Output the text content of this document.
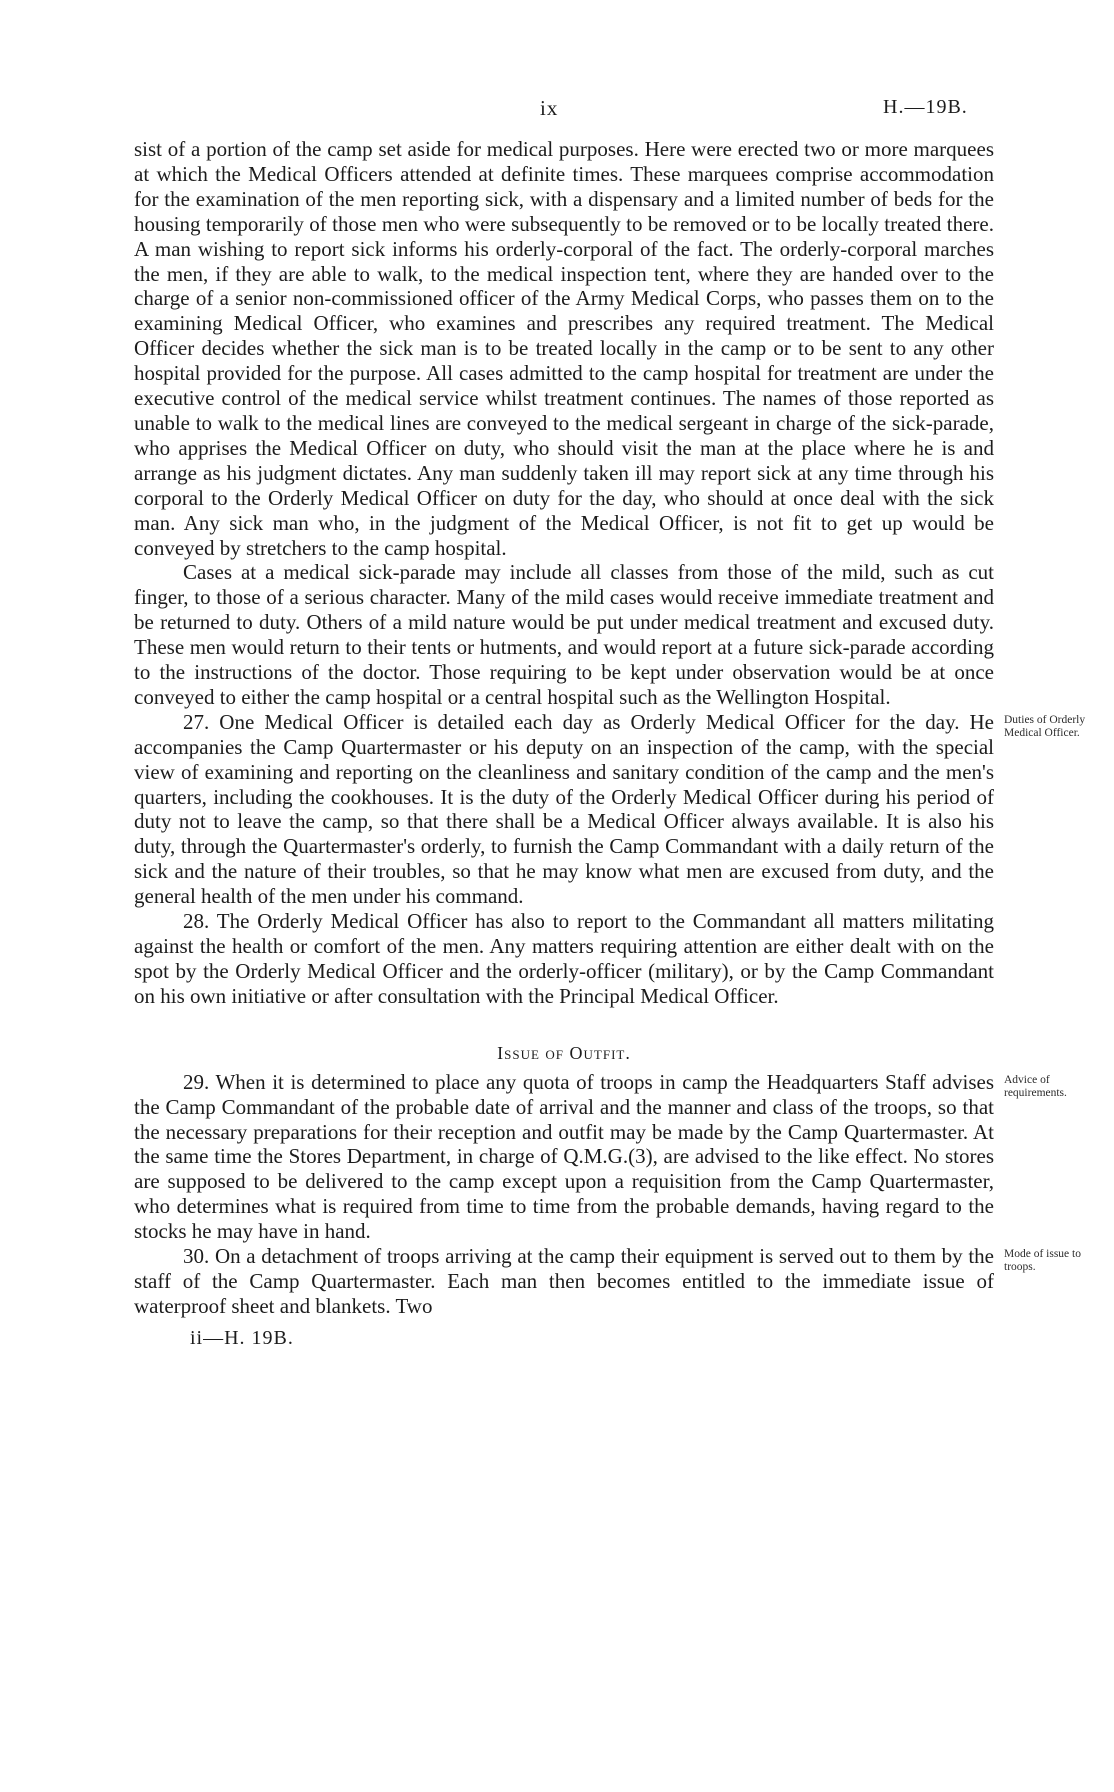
ix	H.—19B.

sist of a portion of the camp set aside for medical purposes. Here were erected two or more marquees at which the Medical Officers attended at definite times. These marquees comprise accommodation for the examination of the men reporting sick, with a dispensary and a limited number of beds for the housing temporarily of those men who were subsequently to be removed or to be locally treated there. A man wishing to report sick informs his orderly-corporal of the fact. The orderly-corporal marches the men, if they are able to walk, to the medical inspection tent, where they are handed over to the charge of a senior non-commissioned officer of the Army Medical Corps, who passes them on to the examining Medical Officer, who examines and prescribes any required treatment. The Medical Officer decides whether the sick man is to be treated locally in the camp or to be sent to any other hospital provided for the purpose. All cases admitted to the camp hospital for treatment are under the executive control of the medical service whilst treatment continues. The names of those reported as unable to walk to the medical lines are conveyed to the medical sergeant in charge of the sick-parade, who apprises the Medical Officer on duty, who should visit the man at the place where he is and arrange as his judgment dictates. Any man suddenly taken ill may report sick at any time through his corporal to the Orderly Medical Officer on duty for the day, who should at once deal with the sick man. Any sick man who, in the judgment of the Medical Officer, is not fit to get up would be conveyed by stretchers to the camp hospital.

Cases at a medical sick-parade may include all classes from those of the mild, such as cut finger, to those of a serious character. Many of the mild cases would receive immediate treatment and be returned to duty. Others of a mild nature would be put under medical treatment and excused duty. These men would return to their tents or hutments, and would report at a future sick-parade according to the instructions of the doctor. Those requiring to be kept under observation would be at once conveyed to either the camp hospital or a central hospital such as the Wellington Hospital.

Duties of Orderly Medical Officer.

27. One Medical Officer is detailed each day as Orderly Medical Officer for the day. He accompanies the Camp Quartermaster or his deputy on an inspection of the camp, with the special view of examining and reporting on the cleanliness and sanitary condition of the camp and the men's quarters, including the cookhouses. It is the duty of the Orderly Medical Officer during his period of duty not to leave the camp, so that there shall be a Medical Officer always available. It is also his duty, through the Quartermaster's orderly, to furnish the Camp Commandant with a daily return of the sick and the nature of their troubles, so that he may know what men are excused from duty, and the general health of the men under his command.

28. The Orderly Medical Officer has also to report to the Commandant all matters militating against the health or comfort of the men. Any matters requiring attention are either dealt with on the spot by the Orderly Medical Officer and the orderly-officer (military), or by the Camp Commandant on his own initiative or after consultation with the Principal Medical Officer.

Issue of Outfit.
Advice of requirements.

29. When it is determined to place any quota of troops in camp the Headquarters Staff advises the Camp Commandant of the probable date of arrival and the manner and class of the troops, so that the necessary preparations for their reception and outfit may be made by the Camp Quartermaster. At the same time the Stores Department, in charge of Q.M.G.(3), are advised to the like effect. No stores are supposed to be delivered to the camp except upon a requisition from the Camp Quartermaster, who determines what is required from time to time from the probable demands, having regard to the stocks he may have in hand.

Mode of issue to troops.

30. On a detachment of troops arriving at the camp their equipment is served out to them by the staff of the Camp Quartermaster. Each man then becomes entitled to the immediate issue of waterproof sheet and blankets. Two

ii—H. 19B.
